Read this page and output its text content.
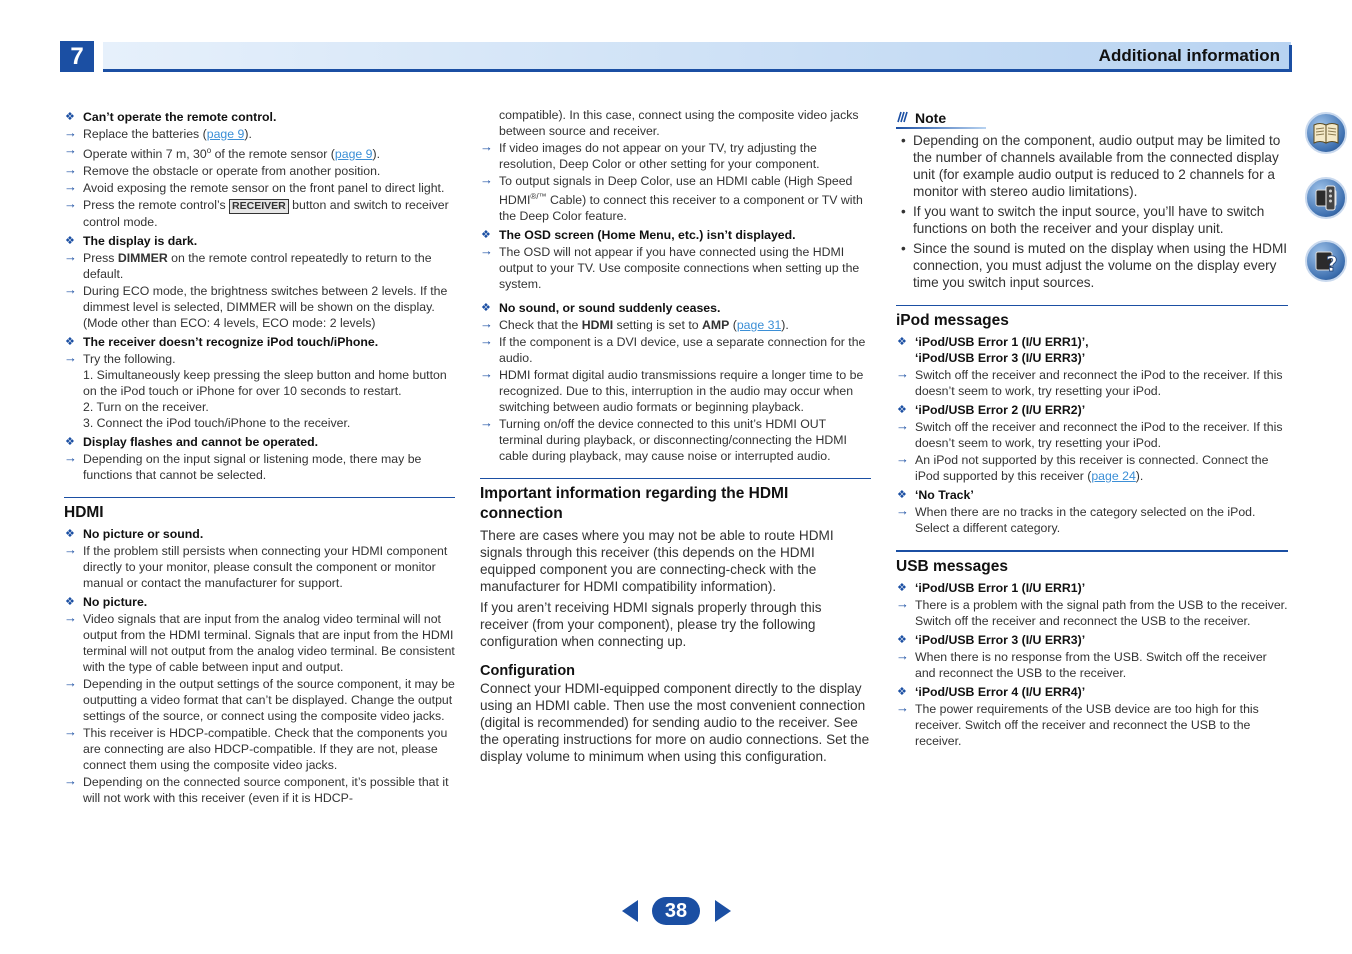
7	Additional information
❖ Can’t operate the remote control.
→ Replace the batteries (page 9).
→ Operate within 7 m, 30$^o$ of the remote sensor (page 9).
→ Remove the obstacle or operate from another position.
→ Avoid exposing the remote sensor on the front panel to direct light.
→ Press the remote control’s RECEIVER button and switch to receiver control mode.
❖ The display is dark.
→ Press DIMMER on the remote control repeatedly to return to the default.
→ During ECO mode, the brightness switches between 2 levels. If the dimmest level is selected, DIMMER will be shown on the display. (Mode other than ECO: 4 levels, ECO mode: 2 levels)
❖ The receiver doesn’t recognize iPod touch/iPhone.
→ Try the following.
1. Simultaneously keep pressing the sleep button and home button on the iPod touch or iPhone for over 10 seconds to restart.
2. Turn on the receiver.
3. Connect the iPod touch/iPhone to the receiver.
❖ Display flashes and cannot be operated.
→ Depending on the input signal or listening mode, there may be functions that cannot be selected.
HDMI
❖ No picture or sound.
→ If the problem still persists when connecting your HDMI component directly to your monitor, please consult the component or monitor manual or contact the manufacturer for support.
❖ No picture.
→ Video signals that are input from the analog video terminal will not output from the HDMI terminal. Signals that are input from the HDMI terminal will not output from the analog video terminal. Be consistent with the type of cable between input and output.
→ Depending in the output settings of the source component, it may be outputting a video format that can’t be displayed. Change the output settings of the source, or connect using the composite video jacks.
→ This receiver is HDCP-compatible. Check that the components you are connecting are also HDCP-compatible. If they are not, please connect them using the composite video jacks.
→ Depending on the connected source component, it’s possible that it will not work with this receiver (even if it is HDCP-
compatible). In this case, connect using the composite video jacks between source and receiver.
→ If video images do not appear on your TV, try adjusting the resolution, Deep Color or other setting for your component.
→ To output signals in Deep Color, use an HDMI cable (High Speed HDMI®/™ Cable) to connect this receiver to a component or TV with the Deep Color feature.
❖ The OSD screen (Home Menu, etc.) isn’t displayed.
→ The OSD will not appear if you have connected using the HDMI output to your TV. Use composite connections when setting up the system.
❖ No sound, or sound suddenly ceases.
→ Check that the HDMI setting is set to AMP (page 31).
→ If the component is a DVI device, use a separate connection for the audio.
→ HDMI format digital audio transmissions require a longer time to be recognized. Due to this, interruption in the audio may occur when switching between audio formats or beginning playback.
→ Turning on/off the device connected to this unit’s HDMI OUT terminal during playback, or disconnecting/connecting the HDMI cable during playback, may cause noise or interrupted audio.
Important information regarding the HDMI connection
There are cases where you may not be able to route HDMI signals through this receiver (this depends on the HDMI equipped component you are connecting-check with the manufacturer for HDMI compatibility information).
If you aren’t receiving HDMI signals properly through this receiver (from your component), please try the following configuration when connecting up.
Configuration
Connect your HDMI-equipped component directly to the display using an HDMI cable. Then use the most convenient connection (digital is recommended) for sending audio to the receiver. See the operating instructions for more on audio connections. Set the display volume to minimum when using this configuration.
Note
• Depending on the component, audio output may be limited to the number of channels available from the connected display unit (for example audio output is reduced to 2 channels for a monitor with stereo audio limitations).
• If you want to switch the input source, you’ll have to switch functions on both the receiver and your display unit.
• Since the sound is muted on the display when using the HDMI connection, you must adjust the volume on the display every time you switch input sources.
iPod messages
❖ ‘iPod/USB Error 1 (I/U ERR1)’,
‘iPod/USB Error 3 (I/U ERR3)’
→ Switch off the receiver and reconnect the iPod to the receiver. If this doesn’t seem to work, try resetting your iPod.
❖ ‘iPod/USB Error 2 (I/U ERR2)’
→ Switch off the receiver and reconnect the iPod to the receiver. If this doesn’t seem to work, try resetting your iPod.
→ An iPod not supported by this receiver is connected. Connect the iPod supported by this receiver (page 24).
❖ ‘No Track’
→ When there are no tracks in the category selected on the iPod. Select a different category.
USB messages
❖ ‘iPod/USB Error 1 (I/U ERR1)’
→ There is a problem with the signal path from the USB to the receiver. Switch off the receiver and reconnect the USB to the receiver.
❖ ‘iPod/USB Error 3 (I/U ERR3)’
→ When there is no response from the USB. Switch off the receiver and reconnect the USB to the receiver.
❖ ‘iPod/USB Error 4 (I/U ERR4)’
→ The power requirements of the USB device are too high for this receiver. Switch off the receiver and reconnect the USB to the receiver.
?
38
